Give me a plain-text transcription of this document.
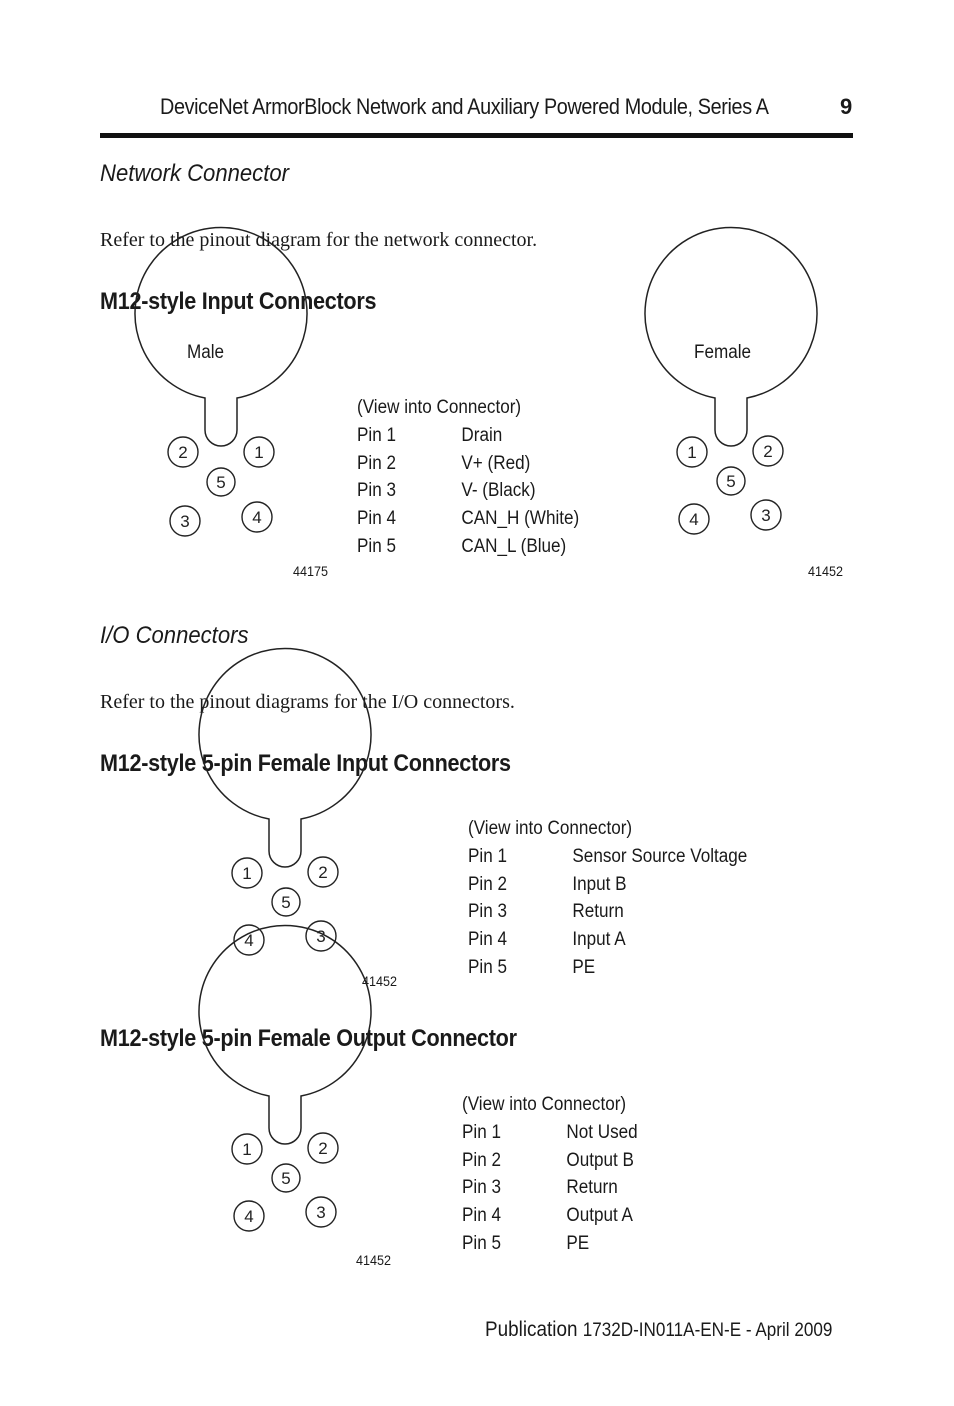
DeviceNet ArmorBlock Network and Auxiliary Powered Module, Series A	9
Network Connector
Refer to the pinout diagram for the network connector.
M12-style Input Connectors
Male	Female
2	1
5
3	4
44175
(View into Connector)
Pin 1	Drain
Pin 2	V+ (Red)
Pin 3	V- (Black)
Pin 4	CAN_H (White)
Pin 5	CAN_L (Blue)
1	2
5
4	3
41452
I/O Connectors
Refer to the pinout diagrams for the I/O connectors.
M12-style 5-pin Female Input Connectors
1	2
5
4	3
41452
(View into Connector)
Pin 1	Sensor Source Voltage
Pin 2	Input B
Pin 3	Return
Pin 4	Input A
Pin 5	PE
M12-style 5-pin Female Output Connector
1	2
5
4	3
41452
(View into Connector)
Pin 1	Not Used
Pin 2	Output B
Pin 3	Return
Pin 4	Output A
Pin 5	PE
Publication 1732D-IN011A-EN-E - April 2009
